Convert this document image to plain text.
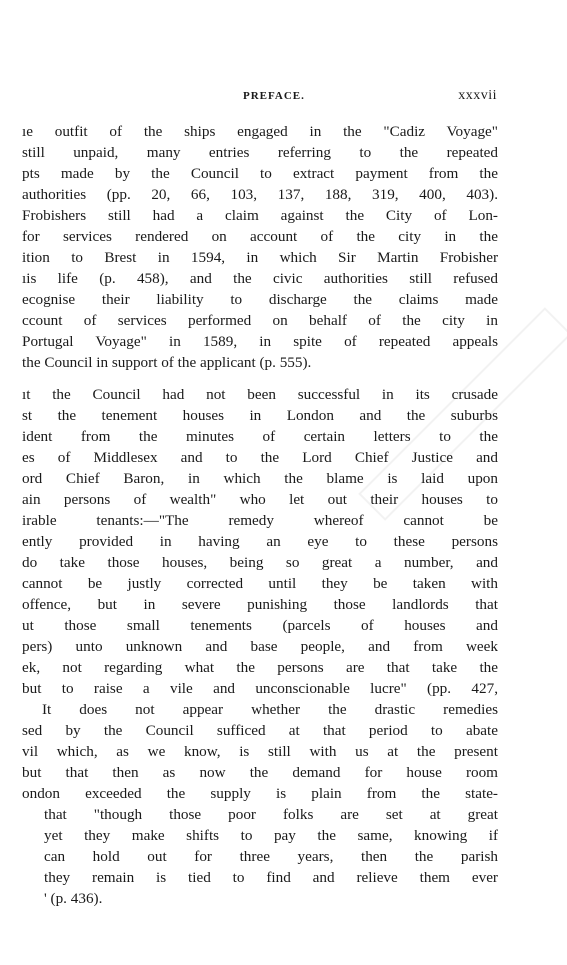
PREFACE.	xxxvii
ıe outfit of the ships engaged in the "Cadiz Voyage"
still unpaid, many entries referring to the repeated
pts made by the Council to extract payment from the
authorities (pp. 20, 66, 103, 137, 188, 319, 400, 403).
Frobishers still had a claim against the City of Lon-
for services rendered on account of the city in the
ition to Brest in 1594, in which Sir Martin Frobisher
ıis life (p. 458), and the civic authorities still refused
ecognise their liability to discharge the claims made
ccount of services performed on behalf of the city in
Portugal Voyage" in 1589, in spite of repeated appeals
the Council in support of the applicant (p. 555).
ıt the Council had not been successful in its crusade
st the tenement houses in London and the suburbs
ident from the minutes of certain letters to the
es of Middlesex and to the Lord Chief Justice and
ord Chief Baron, in which the blame is laid upon
ain persons of wealth" who let out their houses to
irable tenants:—"The remedy whereof cannot be
ently provided in having an eye to these persons
do take those houses, being so great a number, and
cannot be justly corrected until they be taken with
offence, but in severe punishing those landlords that
ut those small tenements (parcels of houses and
pers) unto unknown and base people, and from week
ek, not regarding what the persons are that take the
but to raise a vile and unconscionable lucre" (pp. 427,
It does not appear whether the drastic remedies
sed by the Council sufficed at that period to abate
vil which, as we know, is still with us at the present
but that then as now the demand for house room
ondon exceeded the supply is plain from the state-
that "though those poor folks are set at great
yet they make shifts to pay the same, knowing if
can hold out for three years, then the parish
they remain is tied to find and relieve them ever
' (p. 436).
